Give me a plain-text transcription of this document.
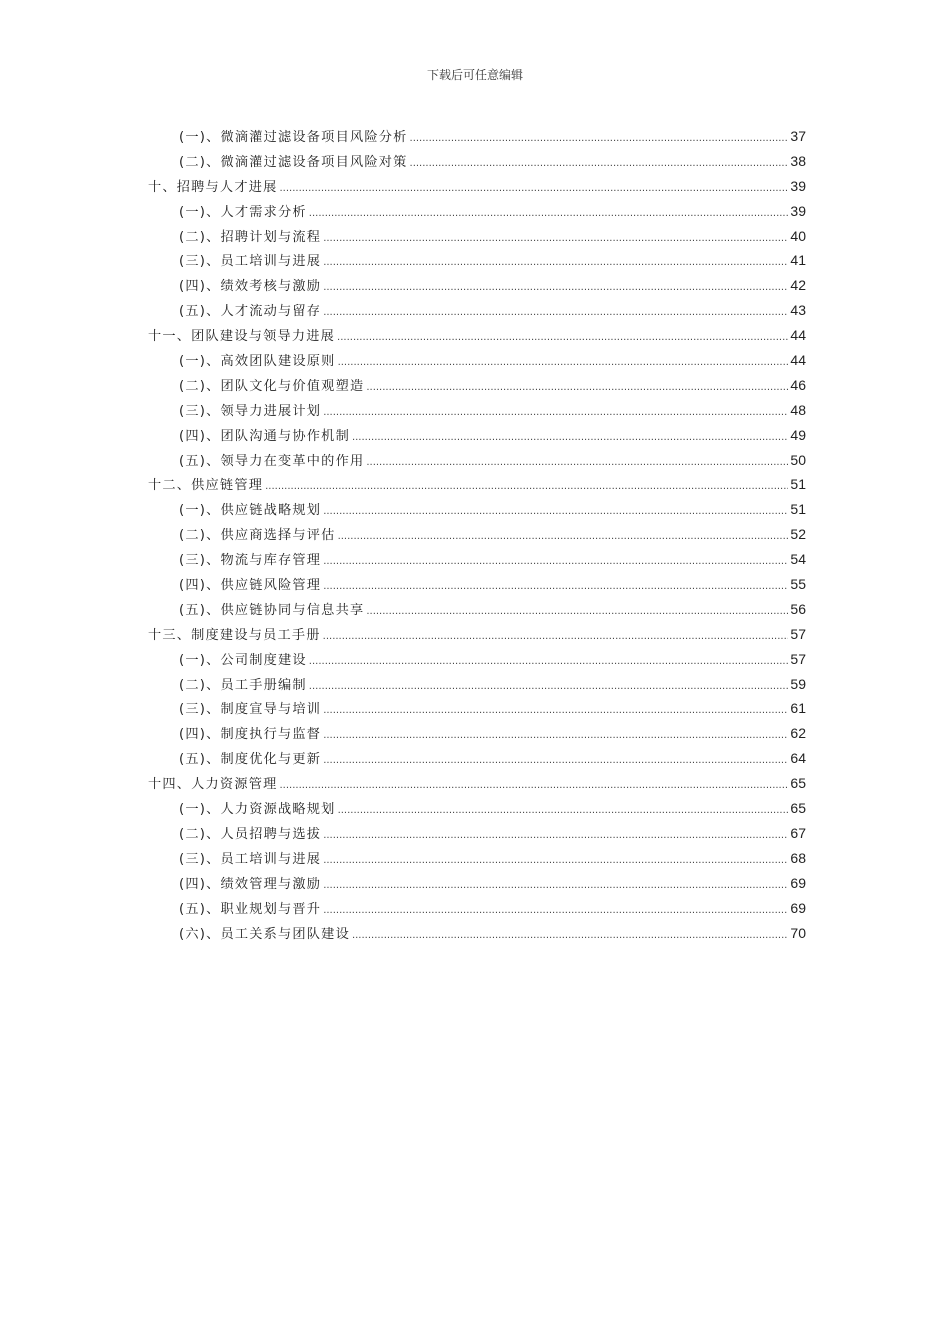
下载后可任意编辑
(一)、微滴灌过滤设备项目风险分析 .....	37
(二)、微滴灌过滤设备项目风险对策 .....	38
十、招聘与人才进展 .....	39
(一)、人才需求分析 .....	39
(二)、招聘计划与流程 .....	40
(三)、员工培训与进展 .....	41
(四)、绩效考核与激励 .....	42
(五)、人才流动与留存 .....	43
十一、团队建设与领导力进展 .....	44
(一)、高效团队建设原则 .....	44
(二)、团队文化与价值观塑造 .....	46
(三)、领导力进展计划 .....	48
(四)、团队沟通与协作机制 .....	49
(五)、领导力在变革中的作用 .....	50
十二、供应链管理 .....	51
(一)、供应链战略规划 .....	51
(二)、供应商选择与评估 .....	52
(三)、物流与库存管理 .....	54
(四)、供应链风险管理 .....	55
(五)、供应链协同与信息共享 .....	56
十三、制度建设与员工手册 .....	57
(一)、公司制度建设 .....	57
(二)、员工手册编制 .....	59
(三)、制度宣导与培训 .....	61
(四)、制度执行与监督 .....	62
(五)、制度优化与更新 .....	64
十四、人力资源管理 .....	65
(一)、人力资源战略规划 .....	65
(二)、人员招聘与选拔 .....	67
(三)、员工培训与进展 .....	68
(四)、绩效管理与激励 .....	69
(五)、职业规划与晋升 .....	69
(六)、员工关系与团队建设 .....	70
